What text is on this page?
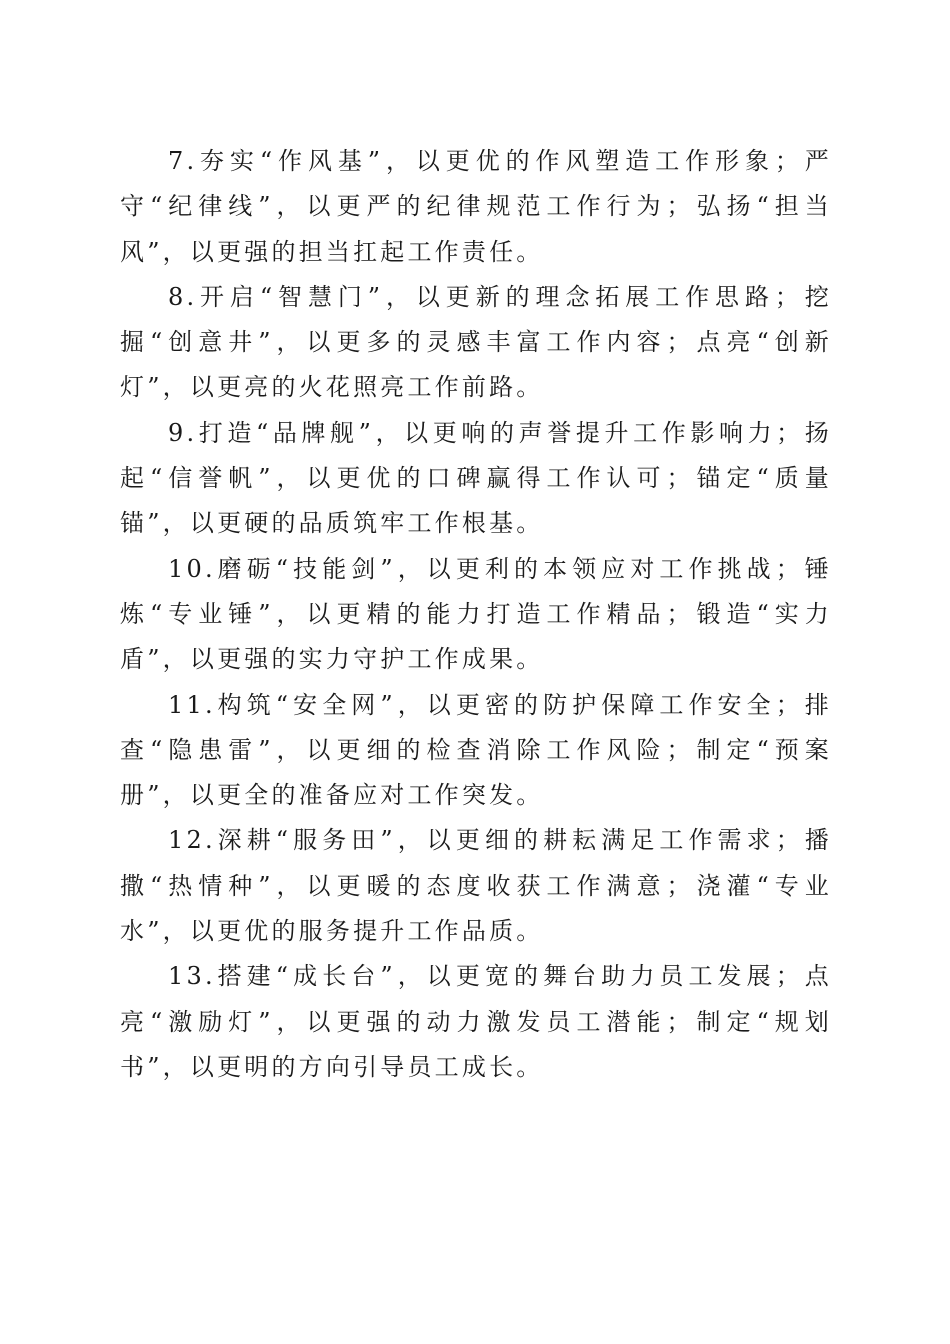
7.夯实“作风基”，以更优的作风塑造工作形象；严守“纪律线”，以更严的纪律规范工作行为；弘扬“担当风”，以更强的担当扛起工作责任。

8.开启“智慧门”，以更新的理念拓展工作思路；挖掘“创意井”，以更多的灵感丰富工作内容；点亮“创新灯”，以更亮的火花照亮工作前路。

9.打造“品牌舰”，以更响的声誉提升工作影响力；扬起“信誉帆”，以更优的口碑赢得工作认可；锚定“质量锚”，以更硬的品质筑牢工作根基。

10.磨砺“技能剑”，以更利的本领应对工作挑战；锤炼“专业锤”，以更精的能力打造工作精品；锻造“实力盾”，以更强的实力守护工作成果。

11.构筑“安全网”，以更密的防护保障工作安全；排查“隐患雷”，以更细的检查消除工作风险；制定“预案册”，以更全的准备应对工作突发。

12.深耕“服务田”，以更细的耕耘满足工作需求；播撒“热情种”，以更暖的态度收获工作满意；浇灌“专业水”，以更优的服务提升工作品质。

13.搭建“成长台”，以更宽的舞台助力员工发展；点亮“激励灯”，以更强的动力激发员工潜能；制定“规划书”，以更明的方向引导员工成长。
